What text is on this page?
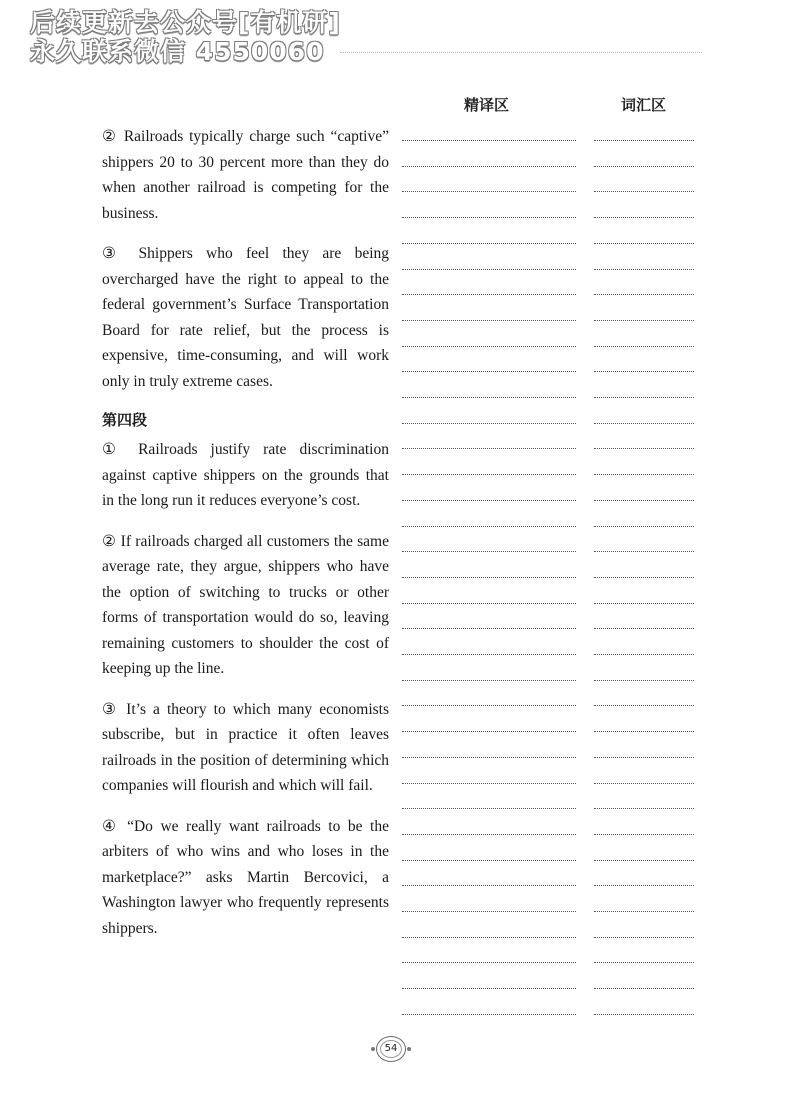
后续更新去公众号[有机研]
永久联系微信 4550060
精译区	词汇区

② Railroads typically charge such “captive” shippers 20 to 30 percent more than they do when another railroad is competing for the business.

③ Shippers who feel they are being overcharged have the right to appeal to the federal government’s Surface Transportation Board for rate relief, but the process is expensive, time-consuming, and will work only in truly extreme cases.

第四段

① Railroads justify rate discrimination against captive shippers on the grounds that in the long run it reduces everyone’s cost.

② If railroads charged all customers the same average rate, they argue, shippers who have the option of switching to trucks or other forms of transportation would do so, leaving remaining customers to shoulder the cost of keeping up the line.

③ It’s a theory to which many economists subscribe, but in practice it often leaves railroads in the position of determining which companies will flourish and which will fail.

④ “Do we really want railroads to be the arbiters of who wins and who loses in the marketplace?” asks Martin Bercovici, a Washington lawyer who frequently represents shippers.

54
